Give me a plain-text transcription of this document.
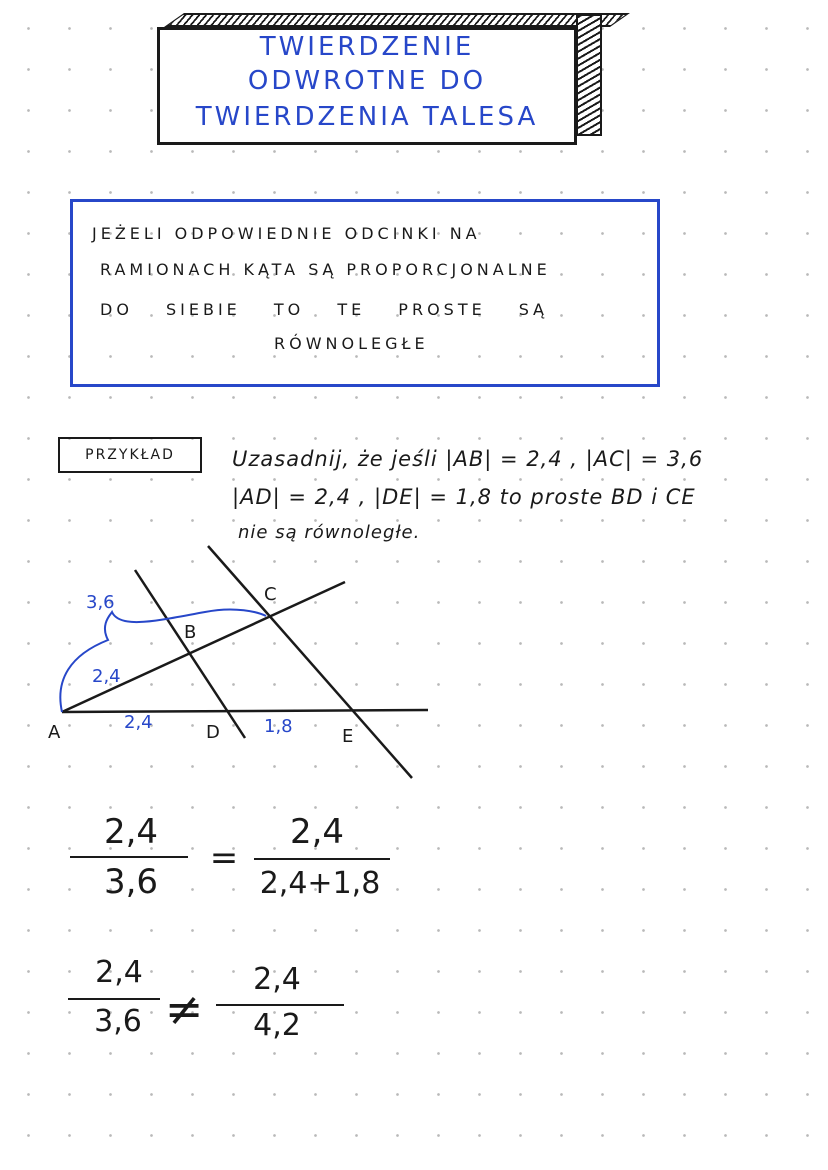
TWIERDZENIE
ODWROTNE DO
TWIERDZENIA TALESA
JEŻELI ODPOWIEDNIE ODCINKI NA
RAMIONACH KĄTA SĄ PROPORCJONALNE
DO SIEBIE TO TE PROSTE SĄ
RÓWNOLEGŁE
PRZYKŁAD	Uzasadnij, że jeśli |AB| = 2,4 , |AC| = 3,6
|AD| = 2,4 , |DE| = 1,8 to proste BD i CE
nie są równoległe.
A
B
C
D	E
3,6
2,4
2,4	1,8
2,4
3,6
=
2,4
2,4+1,8
2,4
3,6 ≠
2,4
4,2
